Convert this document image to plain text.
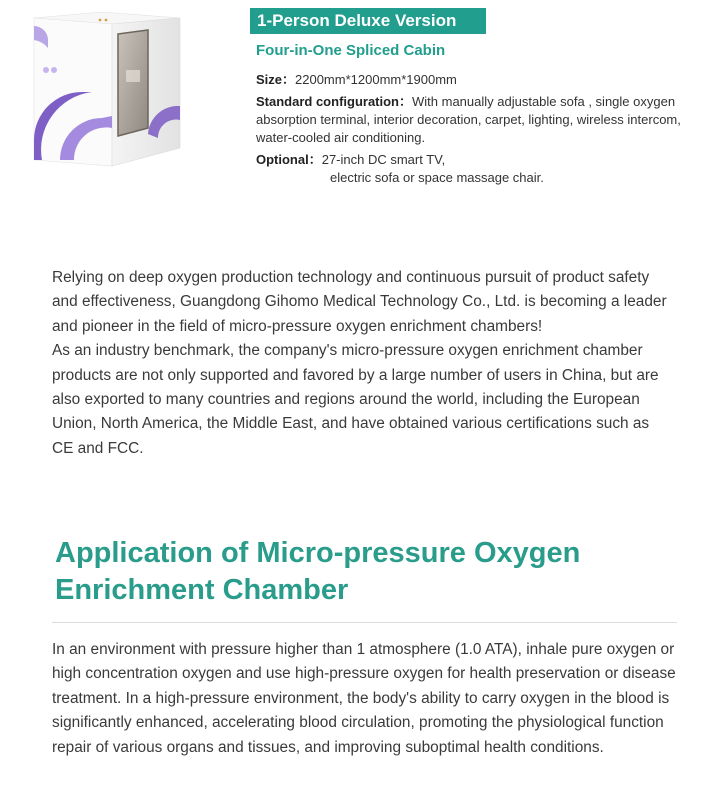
1-Person Deluxe Version
Four-in-One Spliced Cabin
Size：2200mm*1200mm*1900mm
Standard configuration：With manually adjustable sofa , single oxygen absorption terminal, interior decoration, carpet, lighting, wireless intercom, water-cooled air conditioning.
Optional：27-inch DC smart TV,
electric sofa or space massage chair.

Relying on deep oxygen production technology and continuous pursuit of product safety and effectiveness, Guangdong Gihomo Medical Technology Co., Ltd. is becoming a leader and pioneer in the field of micro-pressure oxygen enrichment chambers!

As an industry benchmark, the company's micro-pressure oxygen enrichment chamber products are not only supported and favored by a large number of users in China, but are also exported to many countries and regions around the world, including the European Union, North America, the Middle East, and have obtained various certifications such as CE and FCC.

Application of Micro-pressure Oxygen Enrichment Chamber

In an environment with pressure higher than 1 atmosphere (1.0 ATA), inhale pure oxygen or high concentration oxygen and use high-pressure oxygen for health preservation or disease treatment. In a high-pressure environment, the body's ability to carry oxygen in the blood is significantly enhanced, accelerating blood circulation, promoting the physiological function repair of various organs and tissues, and improving suboptimal health conditions.
